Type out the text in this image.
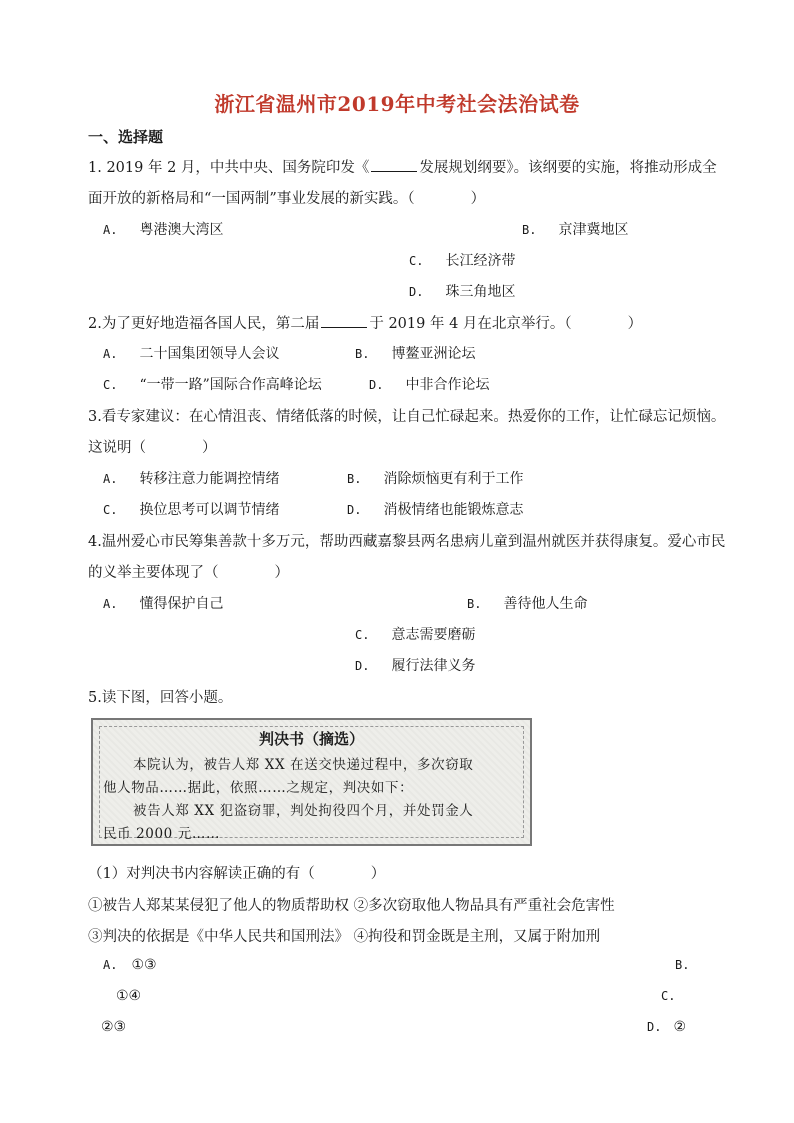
浙江省温州市2019年中考社会法治试卷
一、选择题
1. 2019 年 2 月，中共中央、国务院印发《	发展规划纲要》。该纲要的实施，将推动形成全
面开放的新格局和“一国两制”事业发展的新实践。（	）
A. 粤港澳大湾区	B. 京津冀地区
C. 长江经济带
D. 珠三角地区
2.为了更好地造福各国人民，第二届	于 2019 年 4 月在北京举行。（	）
A. 二十国集团领导人会议	B. 博鳌亚洲论坛
C. “一带一路”国际合作高峰论坛	D. 中非合作论坛
3.看专家建议：在心情沮丧、情绪低落的时候，让自己忙碌起来。热爱你的工作，让忙碌忘记烦恼。
这说明（	）
A. 转移注意力能调控情绪	B. 消除烦恼更有利于工作
C. 换位思考可以调节情绪	D. 消极情绪也能锻炼意志
4.温州爱心市民筹集善款十多万元，帮助西藏嘉黎县两名患病儿童到温州就医并获得康复。爱心市民
的义举主要体现了（	）
A. 懂得保护自己	B. 善待他人生命
C. 意志需要磨砺
D. 履行法律义务
5.读下图，回答小题。
判决书（摘选）
本院认为，被告人郑 XX 在送交快递过程中，多次窃取
他人物品……据此，依照……之规定，判决如下：
被告人郑 XX 犯盗窃罪，判处拘役四个月，并处罚金人
民币 2000 元……
（1）对判决书内容解读正确的有（	）
①被告人郑某某侵犯了他人的物质帮助权 ②多次窃取他人物品具有严重社会危害性
③判决的依据是《中华人民共和国刑法》 ④拘役和罚金既是主刑，又属于附加刑
A. ①③	B.
①④	C.
②③	D. ②
